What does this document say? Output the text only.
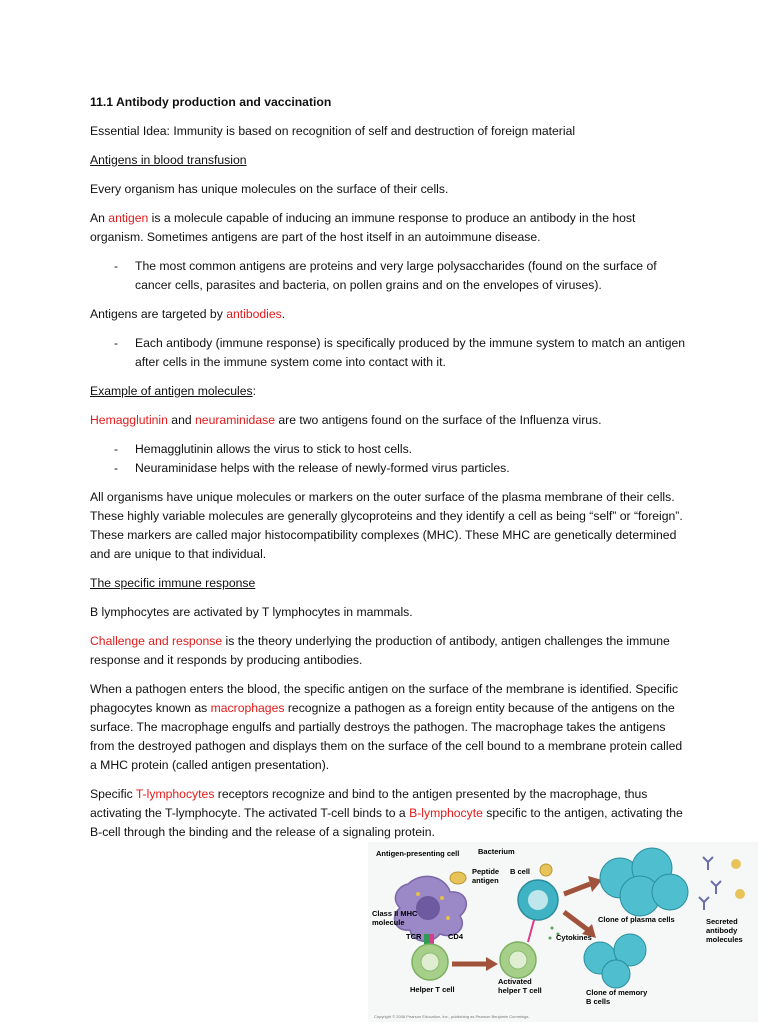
11.1 Antibody production and vaccination
Essential Idea: Immunity is based on recognition of self and destruction of foreign material
Antigens in blood transfusion
Every organism has unique molecules on the surface of their cells.
An antigen is a molecule capable of inducing an immune response to produce an antibody in the host organism. Sometimes antigens are part of the host itself in an autoimmune disease.
- The most common antigens are proteins and very large polysaccharides (found on the surface of cancer cells, parasites and bacteria, on pollen grains and on the envelopes of viruses).
Antigens are targeted by antibodies.
- Each antibody (immune response) is specifically produced by the immune system to match an antigen after cells in the immune system come into contact with it.
Example of antigen molecules:
Hemagglutinin and neuraminidase are two antigens found on the surface of the Influenza virus.
- Hemagglutinin allows the virus to stick to host cells.
- Neuraminidase helps with the release of newly-formed virus particles.
All organisms have unique molecules or markers on the outer surface of the plasma membrane of their cells. These highly variable molecules are generally glycoproteins and they identify a cell as being “self” or “foreign”. These markers are called major histocompatibility complexes (MHC). These MHC are genetically determined and are unique to that individual.
The specific immune response
B lymphocytes are activated by T lymphocytes in mammals.
Challenge and response is the theory underlying the production of antibody, antigen challenges the immune response and it responds by producing antibodies.
When a pathogen enters the blood, the specific antigen on the surface of the membrane is identified. Specific phagocytes known as macrophages recognize a pathogen as a foreign entity because of the antigens on the surface. The macrophage engulfs and partially destroys the pathogen. The macrophage takes the antigens from the destroyed pathogen and displays them on the surface of the cell bound to a membrane protein called a MHC protein (called antigen presentation).
Specific T-lymphocytes receptors recognize and bind to the antigen presented by the macrophage, thus activating the T-lymphocyte. The activated T-cell binds to a B-lymphocyte specific to the antigen, activating the B-cell through the binding and the release of a signaling protein.
Antigen-presenting cell Bacterium
Peptide
antigen
B cell
Class II MHC
molecule
TCR	CD4
Helper T cell
Activated
helper T cell
Cytokines
Clone of plasma cells	Secreted
antibody
molecules
Clone of memory
B cells
Copyright © 2008 Pearson Education, Inc., publishing as Pearson Benjamin Cummings.
